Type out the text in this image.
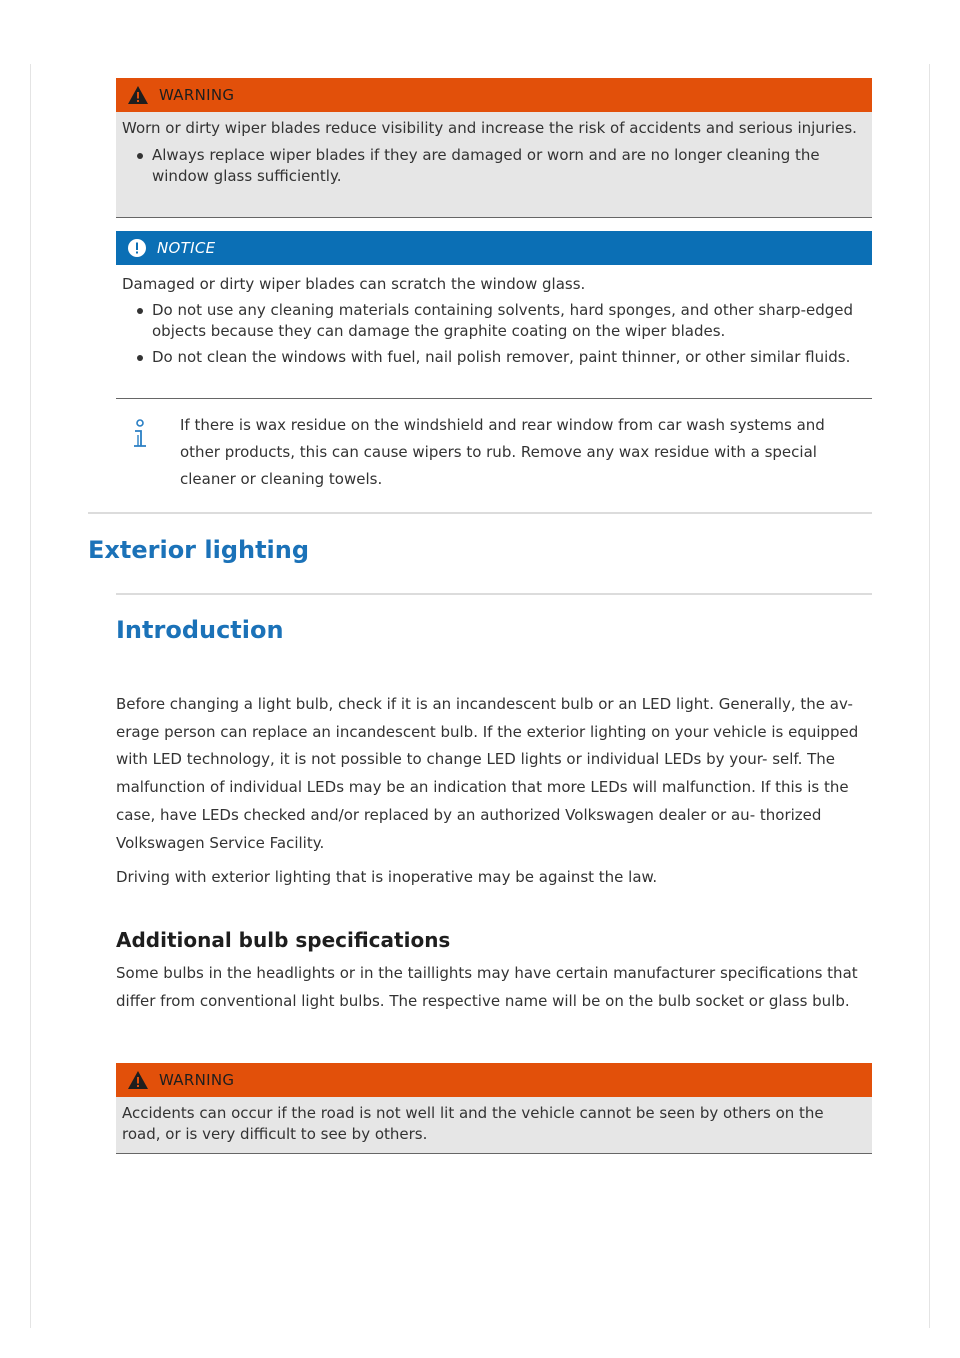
WARNING
Worn or dirty wiper blades reduce visibility and increase the risk of accidents and serious injuries.
Always replace wiper blades if they are damaged or worn and are no longer cleaning the window glass sufficiently.
NOTICE
Damaged or dirty wiper blades can scratch the window glass.
Do not use any cleaning materials containing solvents, hard sponges, and other sharp-edged objects because they can damage the graphite coating on the wiper blades.
Do not clean the windows with fuel, nail polish remover, paint thinner, or other similar fluids.
If there is wax residue on the windshield and rear window from car wash systems and other products, this can cause wipers to rub. Remove any wax residue with a special cleaner or cleaning towels.
Exterior lighting
Introduction

Before changing a light bulb, check if it is an incandescent bulb or an LED light. Generally, the av- erage person can replace an incandescent bulb. If the exterior lighting on your vehicle is equipped with LED technology, it is not possible to change LED lights or individual LEDs by your- self. The malfunction of individual LEDs may be an indication that more LEDs will malfunction. If this is the case, have LEDs checked and/or replaced by an authorized Volkswagen dealer or au- thorized Volkswagen Service Facility.

Driving with exterior lighting that is inoperative may be against the law.

Additional bulb specifications

Some bulbs in the headlights or in the taillights may have certain manufacturer specifications that differ from conventional light bulbs. The respective name will be on the bulb socket or glass bulb.

WARNING
Accidents can occur if the road is not well lit and the vehicle cannot be seen by others on the road, or is very difficult to see by others.
